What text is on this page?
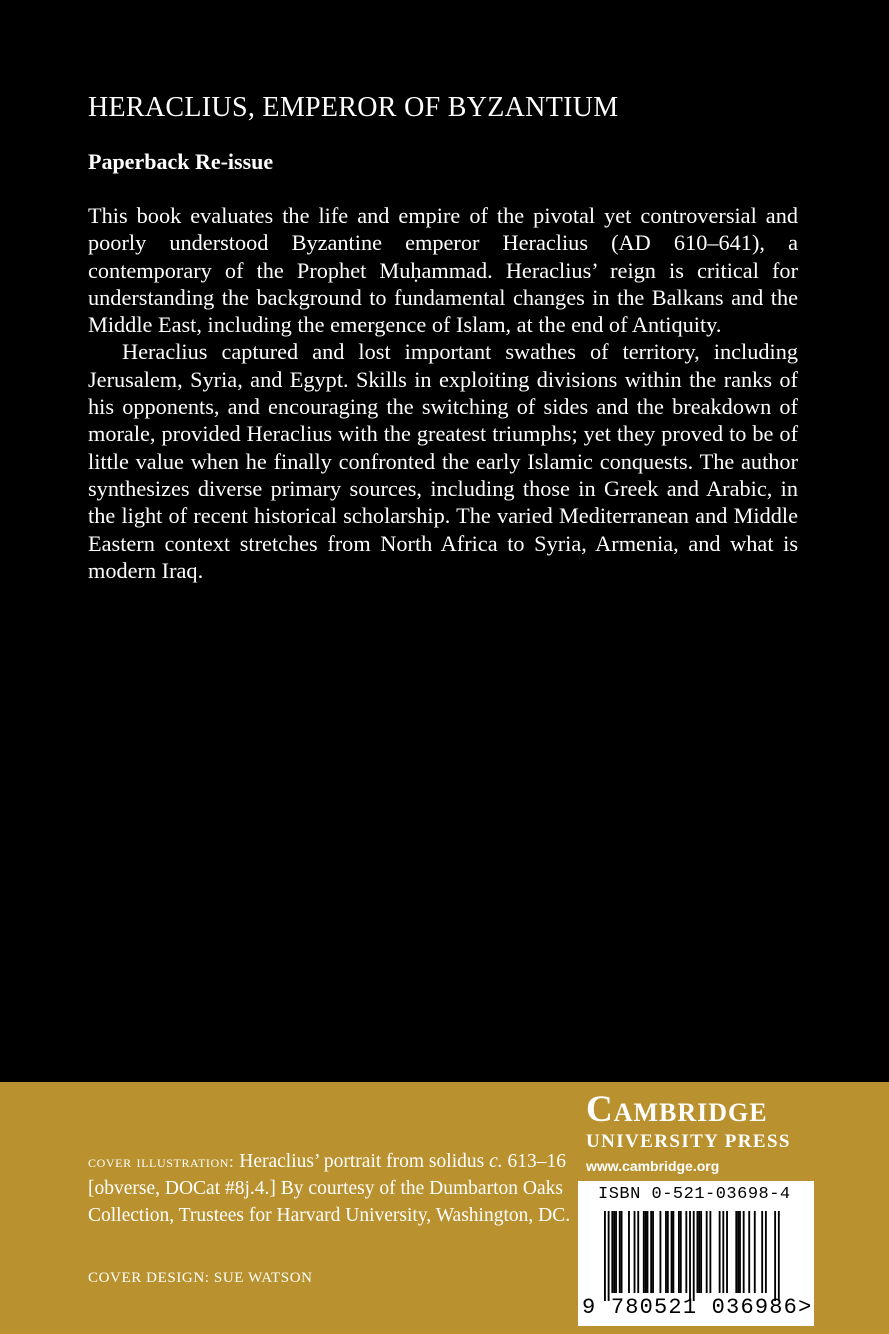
HERACLIUS, EMPEROR OF BYZANTIUM
Paperback Re-issue

This book evaluates the life and empire of the pivotal yet controversial and poorly understood Byzantine emperor Heraclius (AD 610–641), a contemporary of the Prophet Muḥammad. Heraclius’ reign is critical for understanding the background to fundamental changes in the Balkans and the Middle East, including the emergence of Islam, at the end of Antiquity.

Heraclius captured and lost important swathes of territory, including Jerusalem, Syria, and Egypt. Skills in exploiting divisions within the ranks of his opponents, and encouraging the switching of sides and the breakdown of morale, provided Heraclius with the greatest triumphs; yet they proved to be of little value when he finally confronted the early Islamic conquests. The author synthesizes diverse primary sources, including those in Greek and Arabic, in the light of recent historical scholarship. The varied Mediterranean and Middle Eastern context stretches from North Africa to Syria, Armenia, and what is modern Iraq.

cover illustration: Heraclius’ portrait from solidus c. 613–16 [obverse, DOCat #8j.4.] By courtesy of the Dumbarton Oaks Collection, Trustees for Harvard University, Washington, DC.
COVER DESIGN: SUE WATSON
Cambridge
UNIVERSITY PRESS
www.cambridge.org
ISBN 0-521-03698-4
9 780521 036986>
